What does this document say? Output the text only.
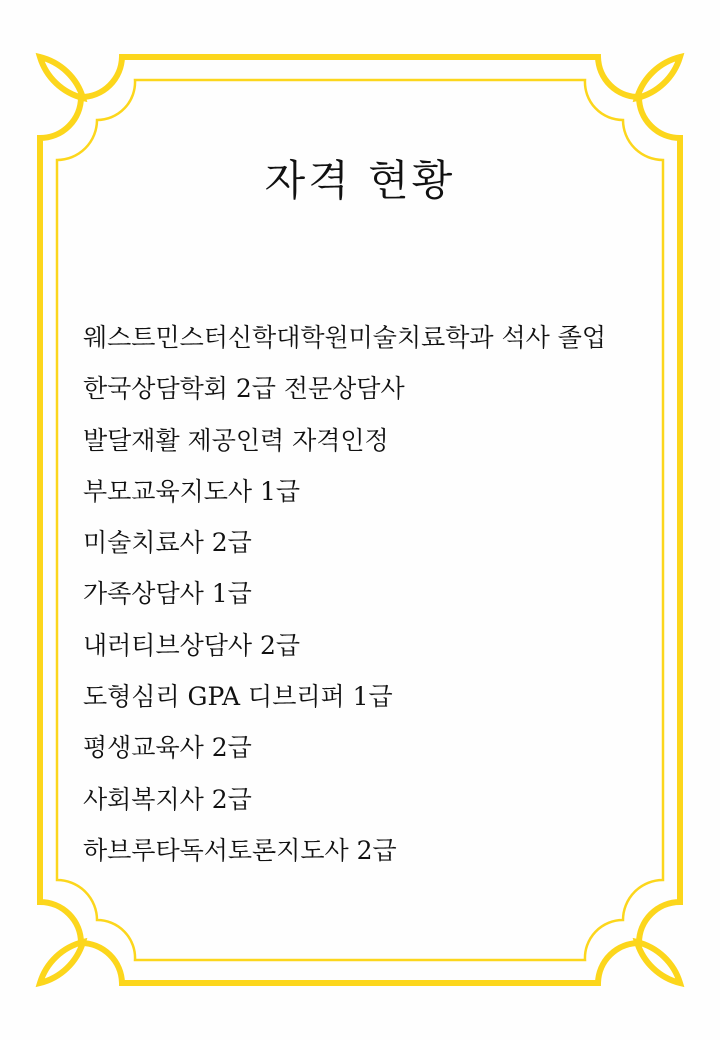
자격 현황
웨스트민스터신학대학원미술치료학과 석사 졸업
한국상담학회 2급 전문상담사
발달재활 제공인력 자격인정
부모교육지도사 1급
미술치료사 2급
가족상담사 1급
내러티브상담사 2급
도형심리 GPA 디브리퍼 1급
평생교육사 2급
사회복지사 2급
하브루타독서토론지도사 2급
